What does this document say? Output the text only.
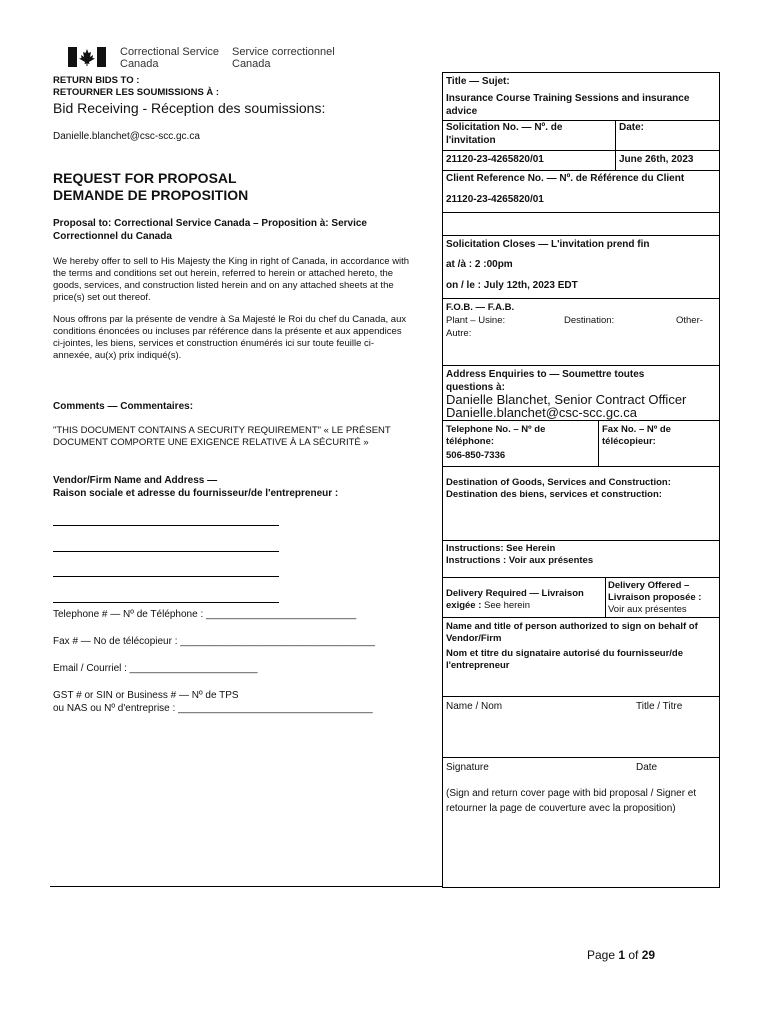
Correctional Service
Canada
Service correctionnel
Canada
RETURN BIDS TO :
RETOURNER LES SOUMISSIONS À :
Bid Receiving - Réception des soumissions:
Danielle.blanchet@csc-scc.gc.ca
REQUEST FOR PROPOSAL
DEMANDE DE PROPOSITION
Proposal to: Correctional Service Canada – Proposition à: Service Correctionnel du Canada
We hereby offer to sell to His Majesty the King in right of Canada, in accordance with the terms and conditions set out herein, referred to herein or attached hereto, the goods, services, and construction listed herein and on any attached sheets at the price(s) set out thereof.
Nous offrons par la présente de vendre à Sa Majesté le Roi du chef du Canada, aux conditions énoncées ou incluses par référence dans la présente et aux appendices ci-jointes, les biens, services et construction énumérés ici sur toute feuille ci-annexée, au(x) prix indiqué(s).
Comments — Commentaires:
"THIS DOCUMENT CONTAINS A SECURITY REQUIREMENT" « LE PRÉSENT DOCUMENT COMPORTE UNE EXIGENCE RELATIVE À LA SÉCURITÉ »
Vendor/Firm Name and Address —
Raison sociale et adresse du fournisseur/de l'entrepreneur :
Telephone # — Nº de Téléphone : ___________________________
Fax # — No de télécopieur : ___________________________________
Email / Courriel : _______________________
GST # or SIN or Business # — Nº de TPS
ou NAS ou Nº d'entreprise : ___________________________________
Title — Sujet:
Insurance Course Training Sessions and insurance advice
Solicitation No. — Nº. de l'invitation
Date:
21120-23-4265820/01	June 26th, 2023
Client Reference No. — Nº. de Référence du Client
21120-23-4265820/01
Solicitation Closes — L'invitation prend fin
at /à : 2 :00pm
on / le : July 12th, 2023 EDT
F.O.B. — F.A.B.
Plant – Usine:	Destination:	Other-
Autre:
Address Enquiries to — Soumettre toutes questions à:
Danielle Blanchet, Senior Contract Officer
Danielle.blanchet@csc-scc.gc.ca
Telephone No. – Nº de téléphone:
506-850-7336
Fax No. – Nº de télécopieur:
Destination of Goods, Services and Construction: Destination des biens, services et construction:
Instructions: See Herein
Instructions : Voir aux présentes
Delivery Required — Livraison exigée : See herein
Delivery Offered – Livraison proposée : Voir aux présentes
Name and title of person authorized to sign on behalf of Vendor/Firm
Nom et titre du signataire autorisé du fournisseur/de l'entrepreneur
Name / Nom	Title / Titre
Signature	Date
(Sign and return cover page with bid proposal / Signer et retourner la page de couverture avec la proposition)
Page 1 of 29
